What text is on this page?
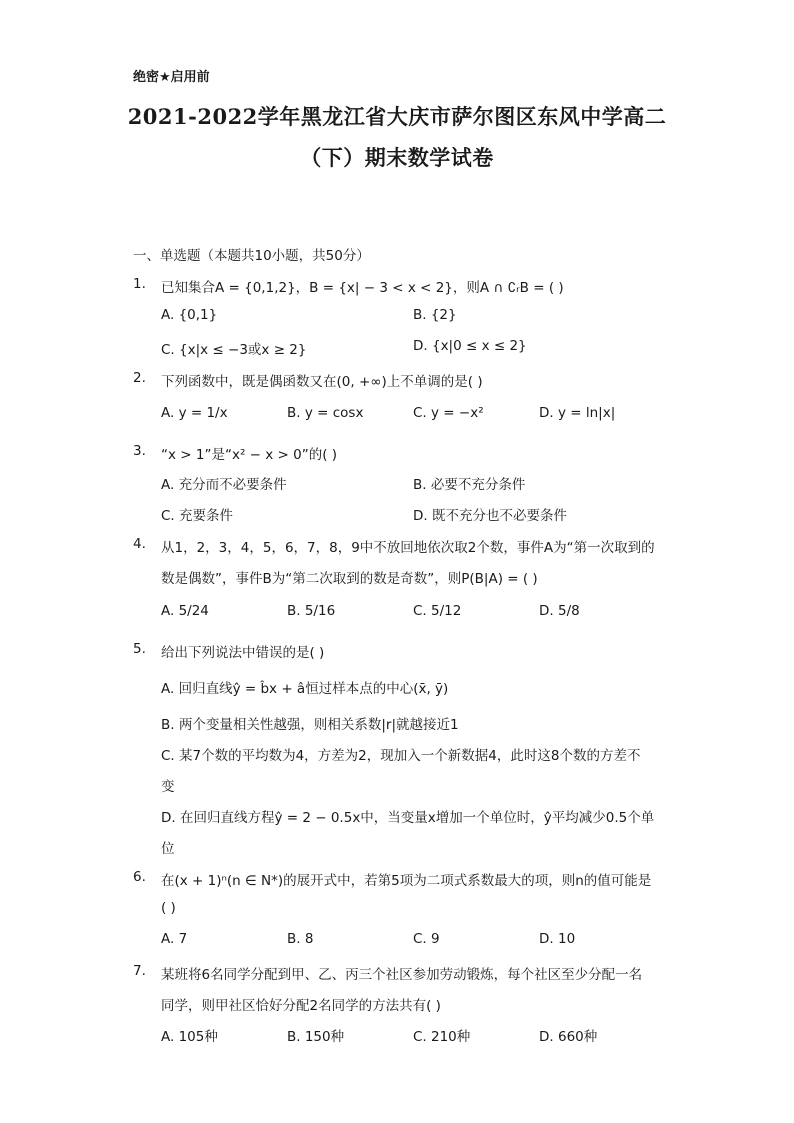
绝密★启用前
2021-2022学年黑龙江省大庆市萨尔图区东风中学高二
（下）期末数学试卷
一、单选题（本题共10小题，共50分）
1. 已知集合A = {0,1,2}，B = {x| − 3 < x < 2}，则A ∩ ∁ᵣB = ( )
A. {0,1}	B. {2}
C. {x|x ≤ −3或x ≥ 2}	D. {x|0 ≤ x ≤ 2}
2. 下列函数中，既是偶函数又在(0, +∞)上不单调的是( )
A. y = 1/x	B. y = cosx	C. y = −x²	D. y = ln|x|
3. “x > 1”是“x² − x > 0”的( )
A. 充分而不必要条件	B. 必要不充分条件
C. 充要条件	D. 既不充分也不必要条件
4. 从1，2，3，4，5，6，7，8，9中不放回地依次取2个数，事件A为“第一次取到的
数是偶数”，事件B为“第二次取到的数是奇数”，则P(B|A) = ( )
A. 5/24	B. 5/16	C. 5/12	D. 5/8
5. 给出下列说法中错误的是( )
A. 回归直线ŷ = b̂x + â恒过样本点的中心(x̄, ȳ)
B. 两个变量相关性越强，则相关系数|r|就越接近1
C. 某7个数的平均数为4，方差为2，现加入一个新数据4，此时这8个数的方差不
变
D. 在回归直线方程ŷ = 2 − 0.5x中，当变量x增加一个单位时，ŷ平均减少0.5个单
位
6. 在(x + 1)ⁿ(n ∈ N*)的展开式中，若第5项为二项式系数最大的项，则n的值可能是
( )
A. 7	B. 8	C. 9	D. 10
7. 某班将6名同学分配到甲、乙、丙三个社区参加劳动锻炼，每个社区至少分配一名
同学，则甲社区恰好分配2名同学的方法共有( )
A. 105种	B. 150种	C. 210种	D. 660种
